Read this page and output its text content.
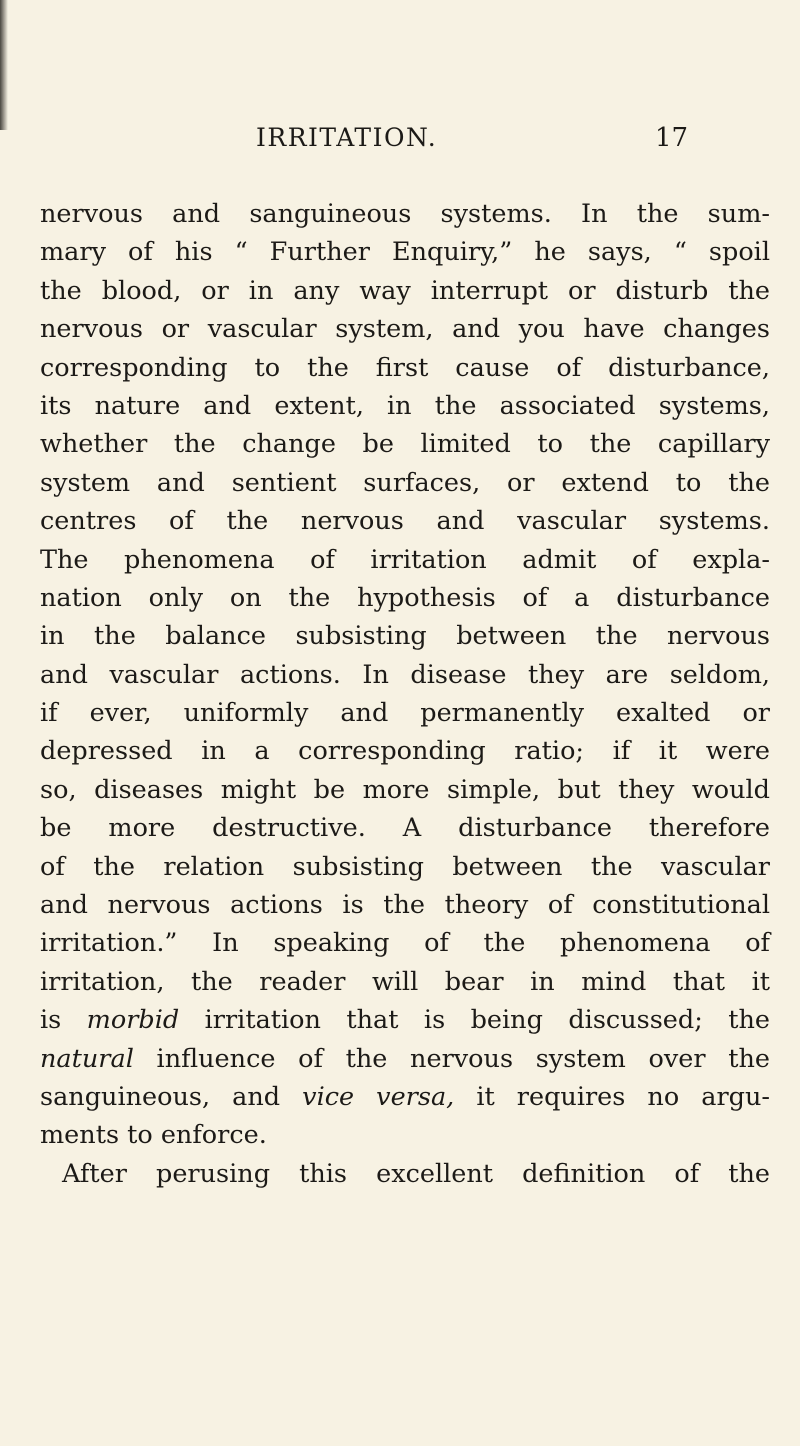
IRRITATION.	17
nervous and sanguineous systems. In the sum-
mary of his “ Further Enquiry,” he says, “ spoil
the blood, or in any way interrupt or disturb the
nervous or vascular system, and you have changes
corresponding to the first cause of disturbance,
its nature and extent, in the associated systems,
whether the change be limited to the capillary
system and sentient surfaces, or extend to the
centres of the nervous and vascular systems.
The phenomena of irritation admit of expla-
nation only on the hypothesis of a disturbance
in the balance subsisting between the nervous
and vascular actions. In disease they are seldom,
if ever, uniformly and permanently exalted or
depressed in a corresponding ratio; if it were
so, diseases might be more simple, but they would
be more destructive. A disturbance therefore
of the relation subsisting between the vascular
and nervous actions is the theory of constitutional
irritation.” In speaking of the phenomena of
irritation, the reader will bear in mind that it
is morbid irritation that is being discussed; the
natural influence of the nervous system over the
sanguineous, and vice versa, it requires no argu-
ments to enforce.
After perusing this excellent definition of the
